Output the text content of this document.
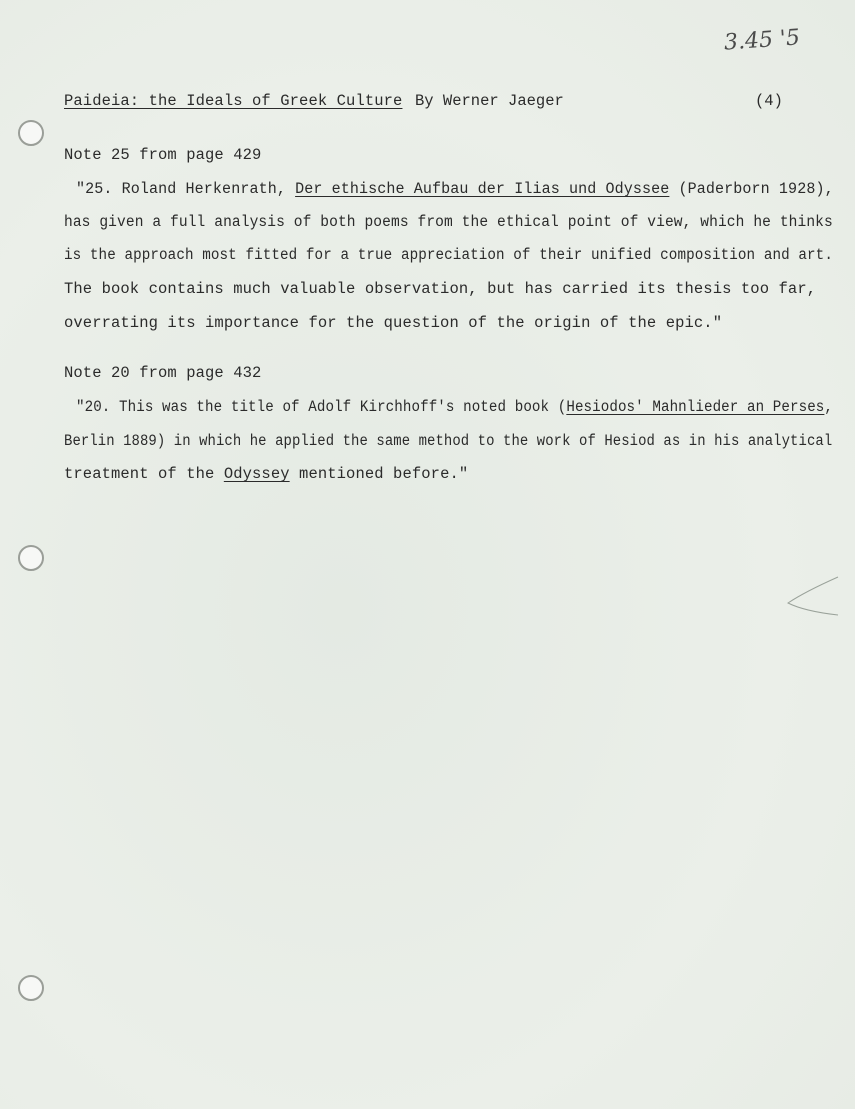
3.45 '5
Paideia: the Ideals of Greek Culture By Werner Jaeger	(4)
Note 25 from page 429
"25. Roland Herkenrath, Der ethische Aufbau der Ilias und Odyssee (Paderborn 1928),
has given a full analysis of both poems from the ethical point of view, which he thinks
is the approach most fitted for a true appreciation of their unified composition and art.
The book contains much valuable observation, but has carried its thesis too far,
overrating its importance for the question of the origin of the epic."
Note 20 from page 432
"20. This was the title of Adolf Kirchhoff's noted book (Hesiodos' Mahnlieder an Perses,
Berlin 1889) in which he applied the same method to the work of Hesiod as in his analytical
treatment of the Odyssey mentioned before."
